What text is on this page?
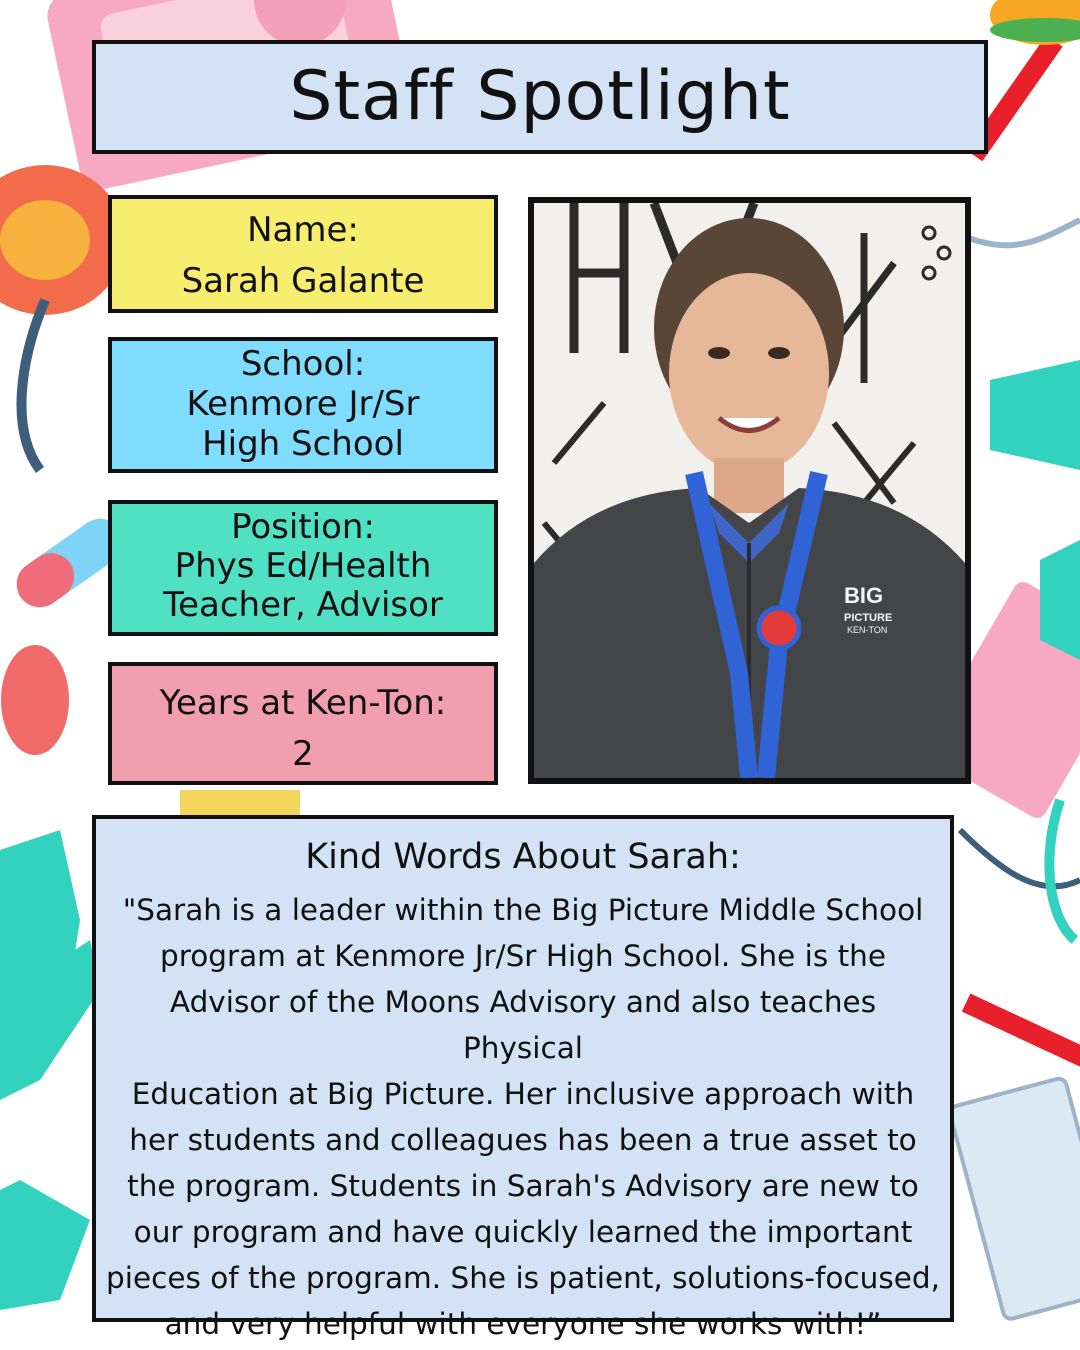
Staff Spotlight
Name:
Sarah Galante
School:
Kenmore Jr/Sr
High School
Position:
Phys Ed/Health
Teacher, Advisor
Years at Ken-Ton:
2
BIG
PICTURE
KEN-TON
Kind Words About Sarah:
"Sarah is a leader within the Big Picture Middle School
program at Kenmore Jr/Sr High School. She is the
Advisor of the Moons Advisory and also teaches Physical
Education at Big Picture. Her inclusive approach with
her students and colleagues has been a true asset to
the program. Students in Sarah's Advisory are new to
our program and have quickly learned the important
pieces of the program. She is patient, solutions-focused,
and very helpful with everyone she works with!”
